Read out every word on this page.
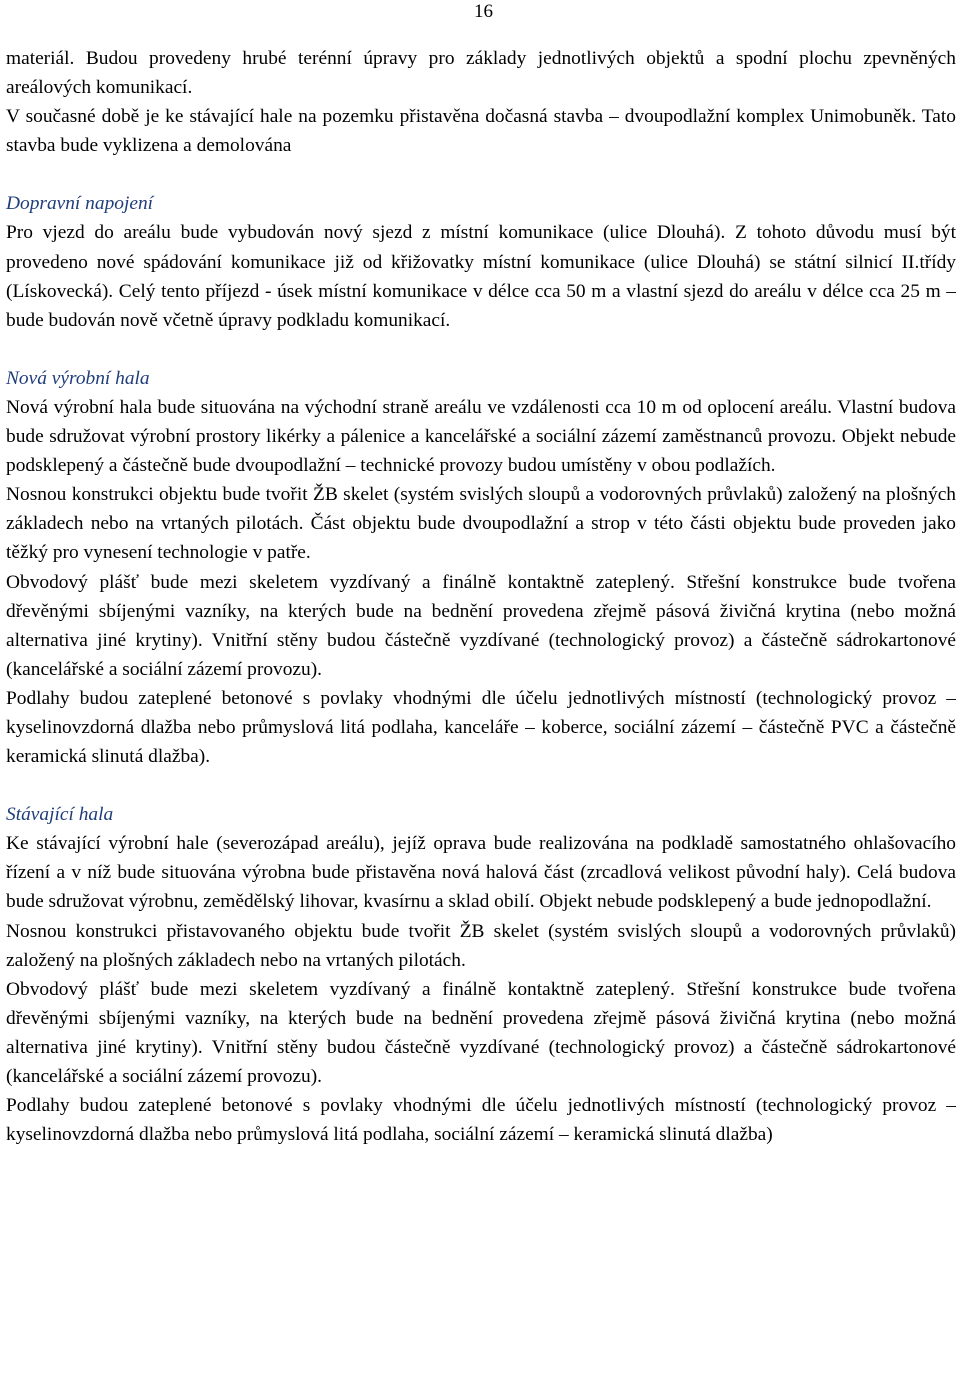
16

materiál. Budou provedeny hrubé terénní úpravy pro základy jednotlivých objektů a spodní plochu zpevněných areálových komunikací.

V současné době je ke stávající hale na pozemku přistavěna dočasná stavba – dvoupodlažní komplex Unimobuněk. Tato stavba bude vyklizena a demolována

Dopravní napojení

Pro vjezd do areálu bude vybudován nový sjezd z místní komunikace (ulice Dlouhá). Z tohoto důvodu musí být provedeno nové spádování komunikace již od křižovatky místní komunikace (ulice Dlouhá) se státní silnicí II.třídy (Lískovecká). Celý tento příjezd - úsek místní komunikace v délce cca 50 m a vlastní sjezd do areálu v délce cca 25 m – bude budován nově včetně úpravy podkladu komunikací.

Nová výrobní hala

Nová výrobní hala bude situována na východní straně areálu ve vzdálenosti cca 10 m od oplocení areálu. Vlastní budova bude sdružovat výrobní prostory likérky a pálenice a kancelářské a sociální zázemí zaměstnanců provozu. Objekt nebude podsklepený a částečně bude dvoupodlažní – technické provozy budou umístěny v obou podlažích.

Nosnou konstrukci objektu bude tvořit ŽB skelet (systém svislých sloupů a vodorovných průvlaků) založený na plošných základech nebo na vrtaných pilotách. Část objektu bude dvoupodlažní a strop v této části objektu bude proveden jako těžký pro vynesení technologie v patře.

Obvodový plášť bude mezi skeletem vyzdívaný a finálně kontaktně zateplený. Střešní konstrukce bude tvořena dřevěnými sbíjenými vazníky, na kterých bude na bednění provedena zřejmě pásová živičná krytina (nebo možná alternativa jiné krytiny). Vnitřní stěny budou částečně vyzdívané (technologický provoz) a částečně sádrokartonové (kancelářské a sociální zázemí provozu).

Podlahy budou zateplené betonové s povlaky vhodnými dle účelu jednotlivých místností (technologický provoz – kyselinovzdorná dlažba nebo průmyslová litá podlaha, kanceláře – koberce, sociální zázemí – částečně PVC a částečně keramická slinutá dlažba).

Stávající hala

Ke stávající výrobní hale (severozápad areálu), jejíž oprava bude realizována na podkladě samostatného ohlašovacího řízení a v níž bude situována výrobna bude přistavěna nová halová část (zrcadlová velikost původní haly). Celá budova bude sdružovat výrobnu, zemědělský lihovar, kvasírnu a sklad obilí. Objekt nebude podsklepený a bude jednopodlažní.

Nosnou konstrukci přistavovaného objektu bude tvořit ŽB skelet (systém svislých sloupů a vodorovných průvlaků) založený na plošných základech nebo na vrtaných pilotách.

Obvodový plášť bude mezi skeletem vyzdívaný a finálně kontaktně zateplený. Střešní konstrukce bude tvořena dřevěnými sbíjenými vazníky, na kterých bude na bednění provedena zřejmě pásová živičná krytina (nebo možná alternativa jiné krytiny). Vnitřní stěny budou částečně vyzdívané (technologický provoz) a částečně sádrokartonové (kancelářské a sociální zázemí provozu).

Podlahy budou zateplené betonové s povlaky vhodnými dle účelu jednotlivých místností (technologický provoz – kyselinovzdorná dlažba nebo průmyslová litá podlaha, sociální zázemí – keramická slinutá dlažba)
